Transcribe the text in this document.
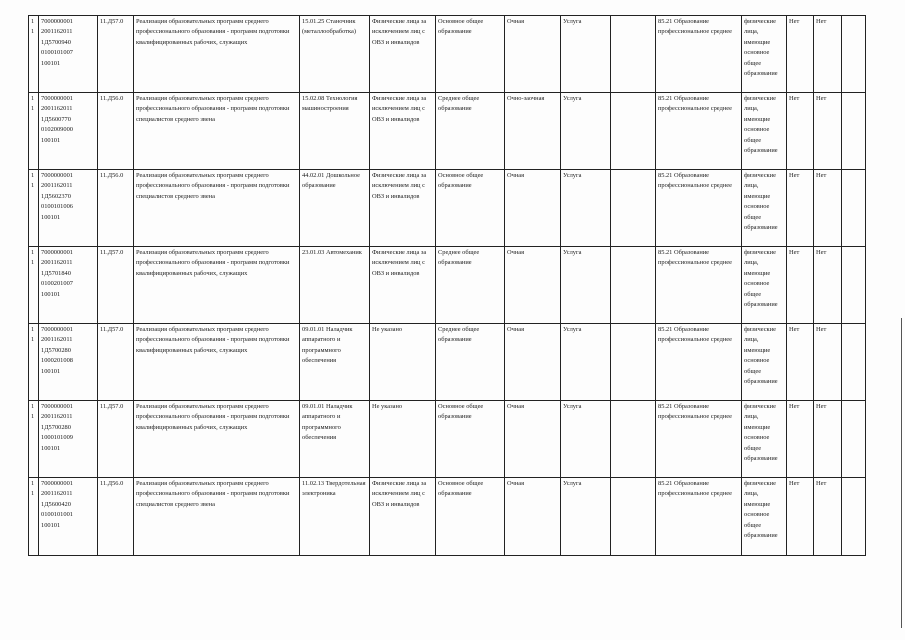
11	7000000001
2001162011
1Д5700940
0100101007
100101	11.Д57.0	Реализация образовательных программ среднего профессионального образования - программ подготовки квалифицированных рабочих, служащих	15.01.25 Станочник (металлообработка)	Физические лица за исключением лиц с ОВЗ и инвалидов	Основное общее образование	Очная	Услуга		85.21 Образование профессиональное среднее	физические лица, имеющие основное общее образование	Нет	Нет	
11	7000000001
2001162011
1Д5600770
0102009000
100101	11.Д56.0	Реализация образовательных программ среднего профессионального образования - программ подготовки специалистов среднего звена	15.02.08 Технология машиностроения	Физические лица за исключением лиц с ОВЗ и инвалидов	Среднее общее образование	Очно-заочная	Услуга		85.21 Образование профессиональное среднее	физические лица, имеющие основное общее образование	Нет	Нет	
11	7000000001
2001162011
1Д5602370
0100101006
100101	11.Д56.0	Реализация образовательных программ среднего профессионального образования - программ подготовки специалистов среднего звена	44.02.01 Дошкольное образование	Физические лица за исключением лиц с ОВЗ и инвалидов	Основное общее образование	Очная	Услуга		85.21 Образование профессиональное среднее	физические лица, имеющие основное общее образование	Нет	Нет	
11	7000000001
2001162011
1Д5701840
0100201007
100101	11.Д57.0	Реализация образовательных программ среднего профессионального образования - программ подготовки квалифицированных рабочих, служащих	23.01.03 Автомеханик	Физические лица за исключением лиц с ОВЗ и инвалидов	Среднее общее образование	Очная	Услуга		85.21 Образование профессиональное среднее	физические лица, имеющие основное общее образование	Нет	Нет	
11	7000000001
2001162011
1Д5700280
1000201008
100101	11.Д57.0	Реализация образовательных программ среднего профессионального образования - программ подготовки квалифицированных рабочих, служащих	09.01.01 Наладчик аппаратного и программного обеспечения	Не указано	Среднее общее образование	Очная	Услуга		85.21 Образование профессиональное среднее	физические лица, имеющие основное общее образование	Нет	Нет	
11	7000000001
2001162011
1Д5700280
1000101009
100101	11.Д57.0	Реализация образовательных программ среднего профессионального образования - программ подготовки квалифицированных рабочих, служащих	09.01.01 Наладчик аппаратного и программного обеспечения	Не указано	Основное общее образование	Очная	Услуга		85.21 Образование профессиональное среднее	физические лица, имеющие основное общее образование	Нет	Нет	
11	7000000001
2001162011
1Д5600420
0100101001
100101	11.Д56.0	Реализация образовательных программ среднего профессионального образования - программ подготовки специалистов среднего звена	11.02.13 Твердотельная электроника	Физические лица за исключением лиц с ОВЗ и инвалидов	Основное общее образование	Очная	Услуга		85.21 Образование профессиональное среднее	физические лица, имеющие основное общее образование	Нет	Нет	
